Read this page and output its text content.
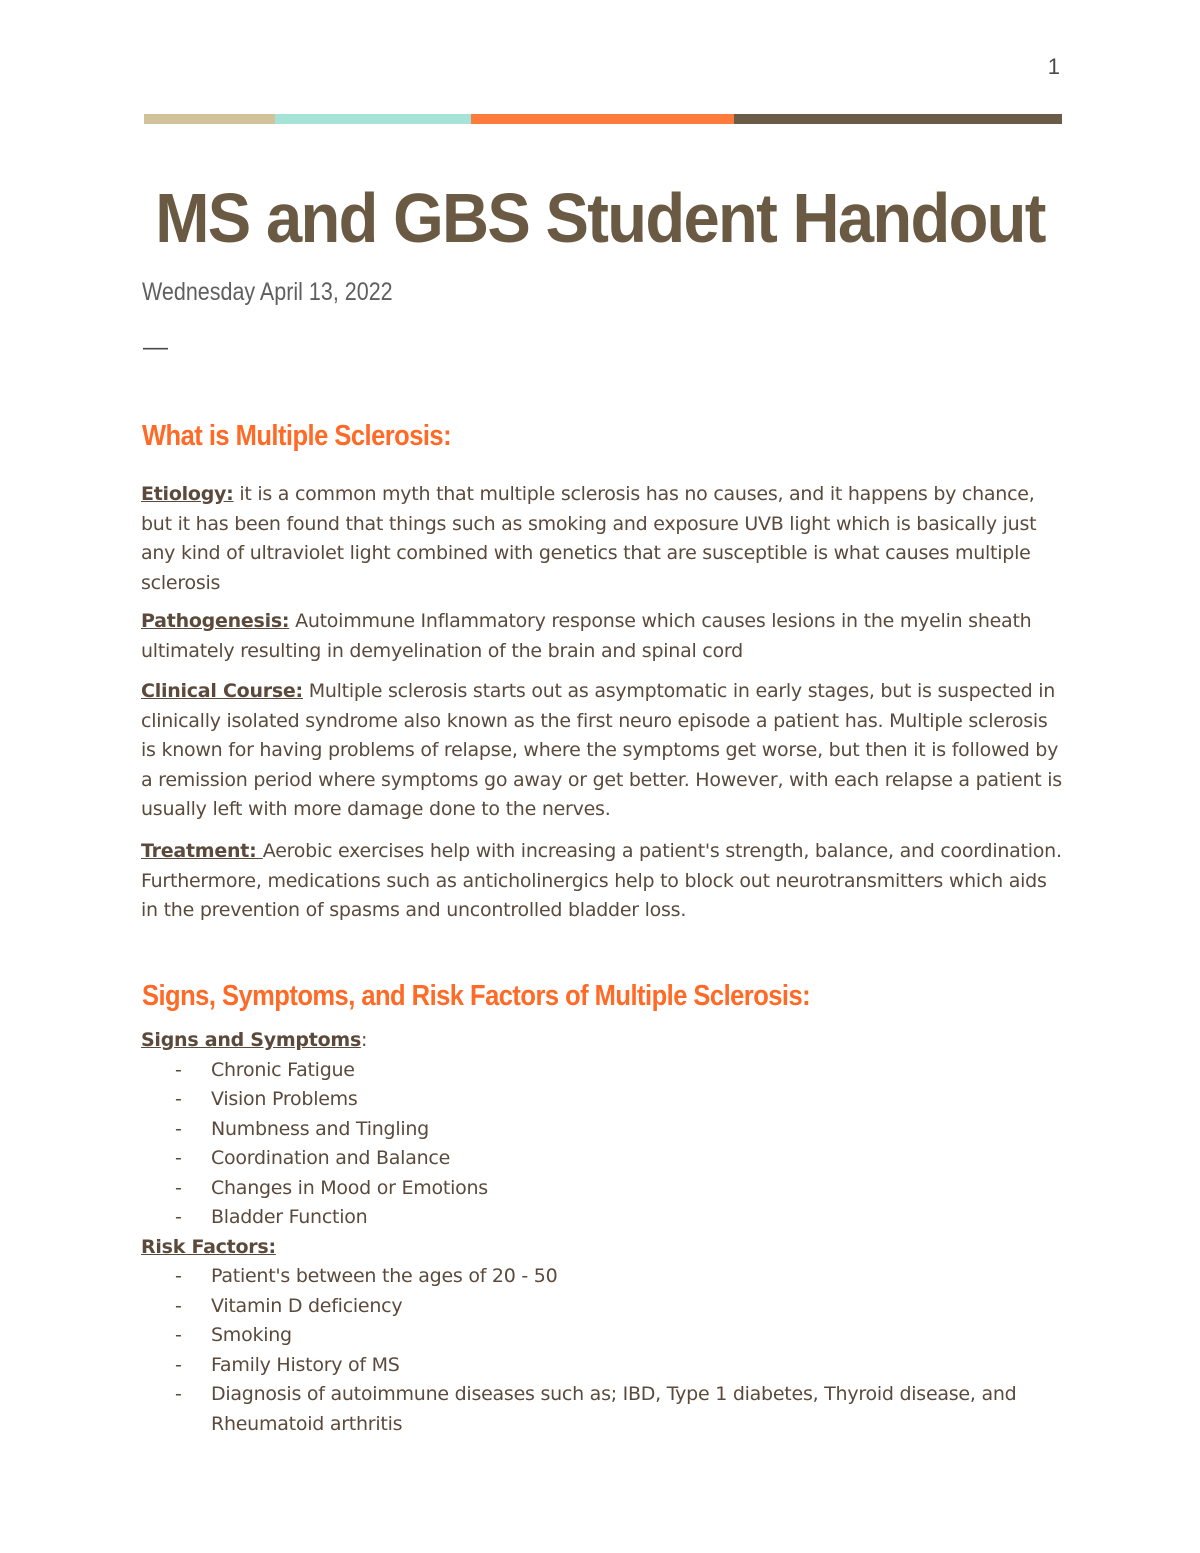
1
MS and GBS Student Handout

Wednesday April 13, 2022

—

What is Multiple Sclerosis:

Etiology: it is a common myth that multiple sclerosis has no causes, and it happens by chance, but it has been found that things such as smoking and exposure UVB light which is basically just any kind of ultraviolet light combined with genetics that are susceptible is what causes multiple sclerosis

Pathogenesis: Autoimmune Inflammatory response which causes lesions in the myelin sheath ultimately resulting in demyelination of the brain and spinal cord

Clinical Course: Multiple sclerosis starts out as asymptomatic in early stages, but is suspected in clinically isolated syndrome also known as the first neuro episode a patient has. Multiple sclerosis is known for having problems of relapse, where the symptoms get worse, but then it is followed by a remission period where symptoms go away or get better. However, with each relapse a patient is usually left with more damage done to the nerves.

Treatment: Aerobic exercises help with increasing a patient's strength, balance, and coordination. Furthermore, medications such as anticholinergics help to block out neurotransmitters which aids in the prevention of spasms and uncontrolled bladder loss.

Signs, Symptoms, and Risk Factors of Multiple Sclerosis:
Signs and Symptoms:
- Chronic Fatigue
- Vision Problems
- Numbness and Tingling
- Coordination and Balance
- Changes in Mood or Emotions
- Bladder Function
Risk Factors:
- Patient's between the ages of 20 - 50
- Vitamin D deficiency
- Smoking
- Family History of MS
- Diagnosis of autoimmune diseases such as; IBD, Type 1 diabetes, Thyroid disease, and Rheumatoid arthritis
